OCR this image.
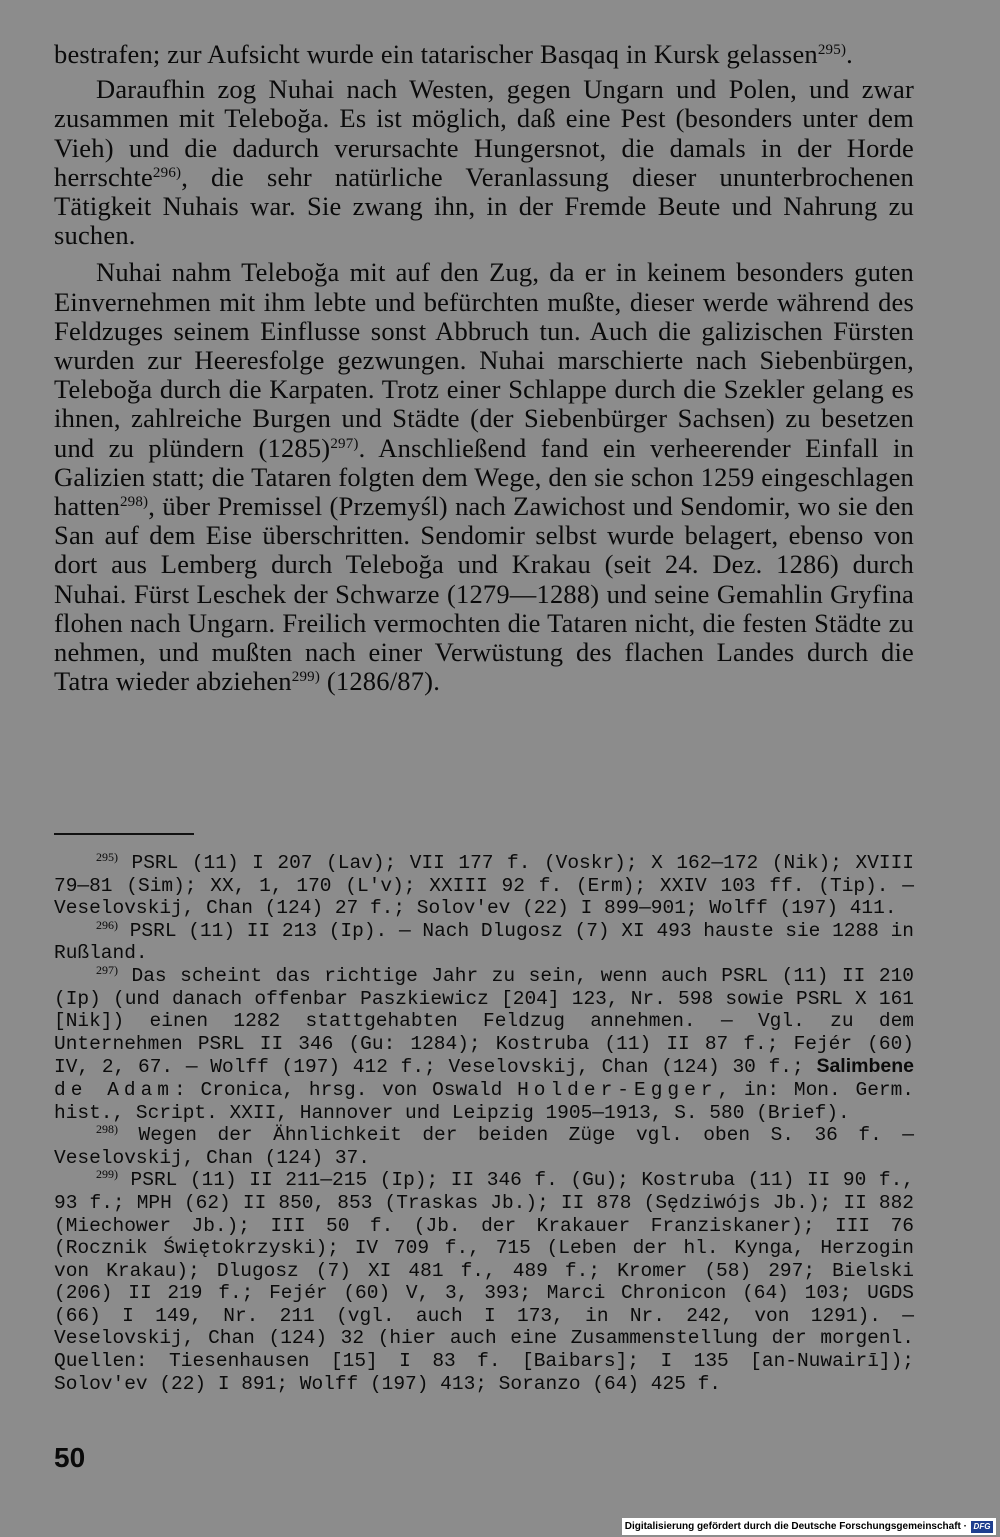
bestrafen; zur Aufsicht wurde ein tatarischer Basqaq in Kursk gelassen$^{295)}$.

Daraufhin zog Nuhai nach Westen, gegen Ungarn und Polen, und zwar zusammen mit Teleboğa. Es ist möglich, daß eine Pest (besonders unter dem Vieh) und die dadurch verursachte Hungersnot, die damals in der Horde herrschte$^{296)}$, die sehr natürliche Veranlassung dieser ununterbrochenen Tätigkeit Nuhais war. Sie zwang ihn, in der Fremde Beute und Nahrung zu suchen.

Nuhai nahm Teleboğa mit auf den Zug, da er in keinem besonders guten Einvernehmen mit ihm lebte und befürchten mußte, dieser werde während des Feldzuges seinem Einflusse sonst Abbruch tun. Auch die galizischen Fürsten wurden zur Heeresfolge gezwungen. Nuhai marschierte nach Siebenbürgen, Teleboğa durch die Karpaten. Trotz einer Schlappe durch die Szekler gelang es ihnen, zahlreiche Burgen und Städte (der Siebenbürger Sachsen) zu besetzen und zu plündern $(1285)^{297)}$. Anschließend fand ein verheerender Einfall in Galizien statt; die Tataren folgten dem Wege, den sie schon 1259 eingeschlagen hatten$^{298)}$, über Premissel (Przemyśl) nach Zawichost und Sendomir, wo sie den San auf dem Eise überschritten. Sendomir selbst wurde belagert, ebenso von dort aus Lemberg durch Teleboğa und Krakau (seit 24. Dez. 1286) durch Nuhai. Fürst Leschek der Schwarze (1279—1288) und seine Gemahlin Gryfina flohen nach Ungarn. Freilich vermochten die Tataren nicht, die festen Städte zu nehmen, und mußten nach einer Verwüstung des flachen Landes durch die Tatra wieder abziehen$^{299)}$ (1286/87).

$^{295)}$ PSRL (11) I 207 (Lav); VII 177 f. (Voskr); X 162—172 (Nik); XVIII 79—81 (Sim); XX, 1, 170 (L'v); XXIII 92 f. (Erm); XXIV 103 ff. (Tip). — Veselovskij, Chan (124) 27 f.; Solov'ev (22) I 899—901; Wolff (197) 411.

$^{296)}$ PSRL (11) II 213 (Ip). — Nach Dlugosz (7) XI 493 hauste sie 1288 in Rußland.

$^{297)}$ Das scheint das richtige Jahr zu sein, wenn auch PSRL (11) II 210 (Ip) (und danach offenbar Paszkiewicz [204] 123, Nr. 598 sowie PSRL X 161 [Nik]) einen 1282 stattgehabten Feldzug annehmen. — Vgl. zu dem Unternehmen PSRL II 346 (Gu: 1284); Kostruba (11) II 87 f.; Fejér (60) IV, 2, 67. — Wolff (197) 412 f.; Veselovskij, Chan (124) 30 f.; Salimbene de Adam: Cronica, hrsg. von Oswald Holder-Egger, in: Mon. Germ. hist., Script. XXII, Hannover und Leipzig 1905—1913, S. 580 (Brief).

$^{298)}$ Wegen der Ähnlichkeit der beiden Züge vgl. oben S. 36 f. — Veselovskij, Chan (124) 37.

$^{299)}$ PSRL (11) II 211—215 (Ip); II 346 f. (Gu); Kostruba (11) II 90 f., 93 f.; MPH (62) II 850, 853 (Traskas Jb.); II 878 (Sędziwójs Jb.); II 882 (Miechower Jb.); III 50 f. (Jb. der Krakauer Franziskaner); III 76 (Rocznik Świętokrzyski); IV 709 f., 715 (Leben der hl. Kynga, Herzogin von Krakau); Dlugosz (7) XI 481 f., 489 f.; Kromer (58) 297; Bielski (206) II 219 f.; Fejér (60) V, 3, 393; Marci Chronicon (64) 103; UGDS (66) I 149, Nr. 211 (vgl. auch I 173, in Nr. 242, von 1291). — Veselovskij, Chan (124) 32 (hier auch eine Zusammenstellung der morgenl. Quellen: Tiesenhausen [15] I 83 f. [Baibars]; I 135 [an-Nuwairī]); Solov'ev (22) I 891; Wolff (197) 413; Soranzo (64) 425 f.

50
Digitalisierung gefördert durch die Deutsche Forschungsgemeinschaft · DFG
